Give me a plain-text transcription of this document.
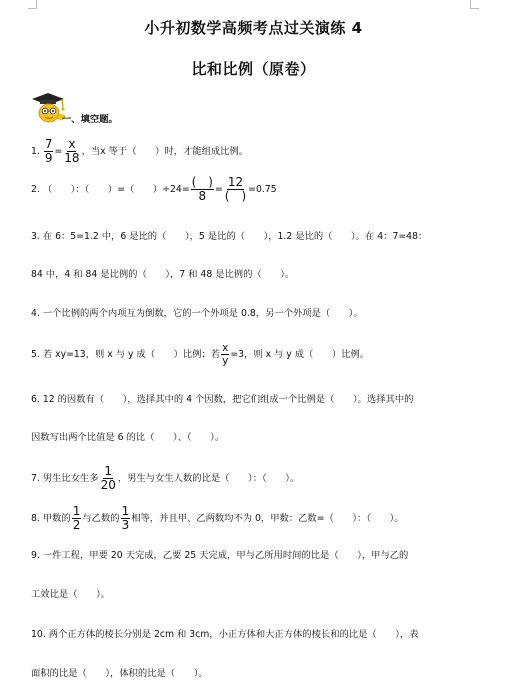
小升初数学高频考点过关演练 4
比和比例（原卷）
一、填空题。
1. $\frac{7}{9} = \frac{x}{18}$ ，当x 等于（　　）时，才能组成比例。
2. （　　）：（　　）=（　　）$\div 24= \frac{( )}{8} = \frac{12}{( )} =0.75$
3. 在 6：5=1.2 中，6 是比的（　　），5 是比的（　　），1.2 是比的（　　）。在 4：7=48：
84 中，4 和 84 是比例的（　　），7 和 48 是比例的（　　）。
4. 一个比例的两个内项互为倒数，它的一个外项是 0.8，另一个外项是（　　）。
5. 若 xy=13，则 x 与 y 成（　　）比例；若 $\frac{x}{y} =3$，则 x 与 y 成（　　）比例。
6. 12 的因数有（　　），选择其中的 4 个因数，把它们组成一个比例是（　　）。选择其中的
因数写出两个比值是 6 的比（　　）、（　　）。
7. 男生比女生多 $\frac{1}{20}$ ，男生与女生人数的比是（　　）：（　　）。
8. 甲数的 $\frac{1}{2}$ 与乙数的 $\frac{1}{3}$ 相等，并且甲、乙两数均不为 0，甲数：乙数=（　　）：（　　）。
9. 一件工程，甲要 20 天完成，乙要 25 天完成，甲与乙所用时间的比是（　　），甲与乙的
工效比是（　　）。
10. 两个正方体的棱长分别是 2cm 和 3cm，小正方体和大正方体的棱长和的比是（　　），表
面积的比是（　　），体积的比是（　　）。
